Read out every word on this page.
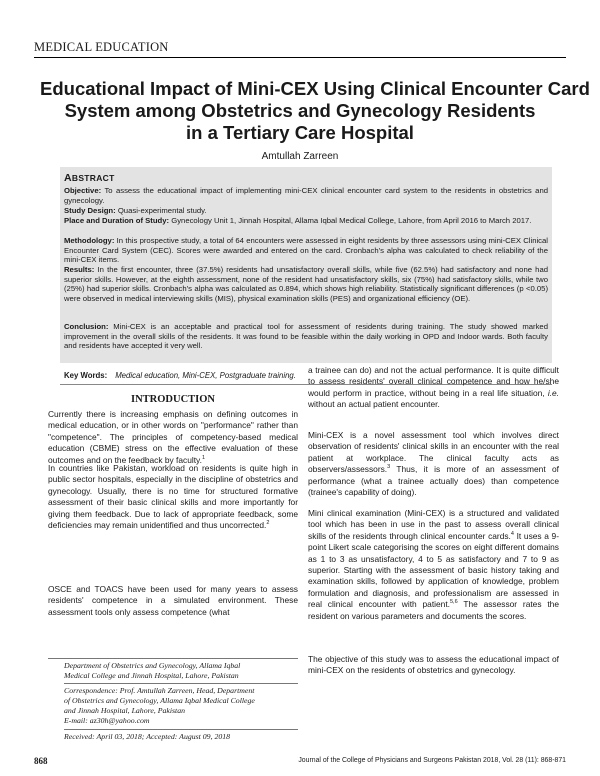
MEDICAL EDUCATION
Educational Impact of Mini-CEX Using Clinical Encounter Card
System among Obstetrics and Gynecology Residents
in a Tertiary Care Hospital
Amtullah Zarreen
ABSTRACT
Objective: To assess the educational impact of implementing mini-CEX clinical encounter card system to the residents in obstetrics and gynecology.
Study Design: Quasi-experimental study.
Place and Duration of Study: Gynecology Unit 1, Jinnah Hospital, Allama Iqbal Medical College, Lahore, from April 2016 to March 2017.
Methodology: In this prospective study, a total of 64 encounters were assessed in eight residents by three assessors using mini-CEX Clinical Encounter Card System (CEC). Scores were awarded and entered on the card. Cronbach's alpha was calculated to check reliability of the mini-CEX items.
Results: In the first encounter, three (37.5%) residents had unsatisfactory overall skills, while five (62.5%) had satisfactory and none had superior skills. However, at the eighth assessment, none of the resident had unsatisfactory skills, six (75%) had satisfactory skills, while two (25%) had superior skills. Cronbach's alpha was calculated as 0.894, which shows high reliability. Statistically significant differences (p <0.05) were observed in medical interviewing skills (MIS), physical examination skills (PES) and organizational efficiency (OE).
Conclusion: Mini-CEX is an acceptable and practical tool for assessment of residents during training. The study showed marked improvement in the overall skills of the residents. It was found to be feasible within the daily working in OPD and Indoor wards. Both faculty and residents have accepted it very well.
Key Words: Medical education, Mini-CEX, Postgraduate training.
INTRODUCTION
Currently there is increasing emphasis on defining outcomes in medical education, or in other words on "performance" rather than "competence". The principles of competency-based medical education (CBME) stress on the effective evaluation of these outcomes and on the feedback by faculty.$^1$
In countries like Pakistan, workload on residents is quite high in public sector hospitals, especially in the discipline of obstetrics and gynecology. Usually, there is no time for structured formative assessment of their basic clinical skills and more importantly for giving them feedback. Due to lack of appropriate feedback, some deficiencies may remain unidentified and thus uncorrected.$^2$
OSCE and TOACS have been used for many years to assess residents' competence in a simulated environment. These assessment tools only assess competence (what
a trainee can do) and not the actual performance. It is quite difficult to assess residents' overall clinical competence and how he/she would perform in practice, without being in a real life situation, i.e. without an actual patient encounter.
Mini-CEX is a novel assessment tool which involves direct observation of residents' clinical skills in an encounter with the real patient at workplace. The clinical faculty acts as observers/assessors.$^3$ Thus, it is more of an assessment of performance (what a trainee actually does) than competence (trainee's capability of doing).
Mini clinical examination (Mini-CEX) is a structured and validated tool which has been in use in the past to assess overall clinical skills of the residents through clinical encounter cards.$^4$ It uses a 9-point Likert scale categorising the scores on eight different domains as 1 to 3 as unsatisfactory, 4 to 5 as satisfactory and 7 to 9 as superior. Starting with the assessment of basic history taking and examination skills, followed by application of knowledge, problem formulation and diagnosis, and professionalism are assessed in real clinical encounter with patient.$^{5,6}$ The assessor rates the resident on various parameters and documents the scores.
The objective of this study was to assess the educational impact of mini-CEX on the residents of obstetrics and gynecology.
Department of Obstetrics and Gynecology, Allama Iqbal
Medical College and Jinnah Hospital, Lahore, Pakistan
Correspondence: Prof. Amtullah Zarreen, Head, Department
of Obstetrics and Gynecology, Allama Iqbal Medical College
and Jinnah Hospital, Lahore, Pakistan
E-mail: az30h@yahoo.com
Received: April 03, 2018; Accepted: August 09, 2018
868	Journal of the College of Physicians and Surgeons Pakistan 2018, Vol. 28 (11): 868-871
